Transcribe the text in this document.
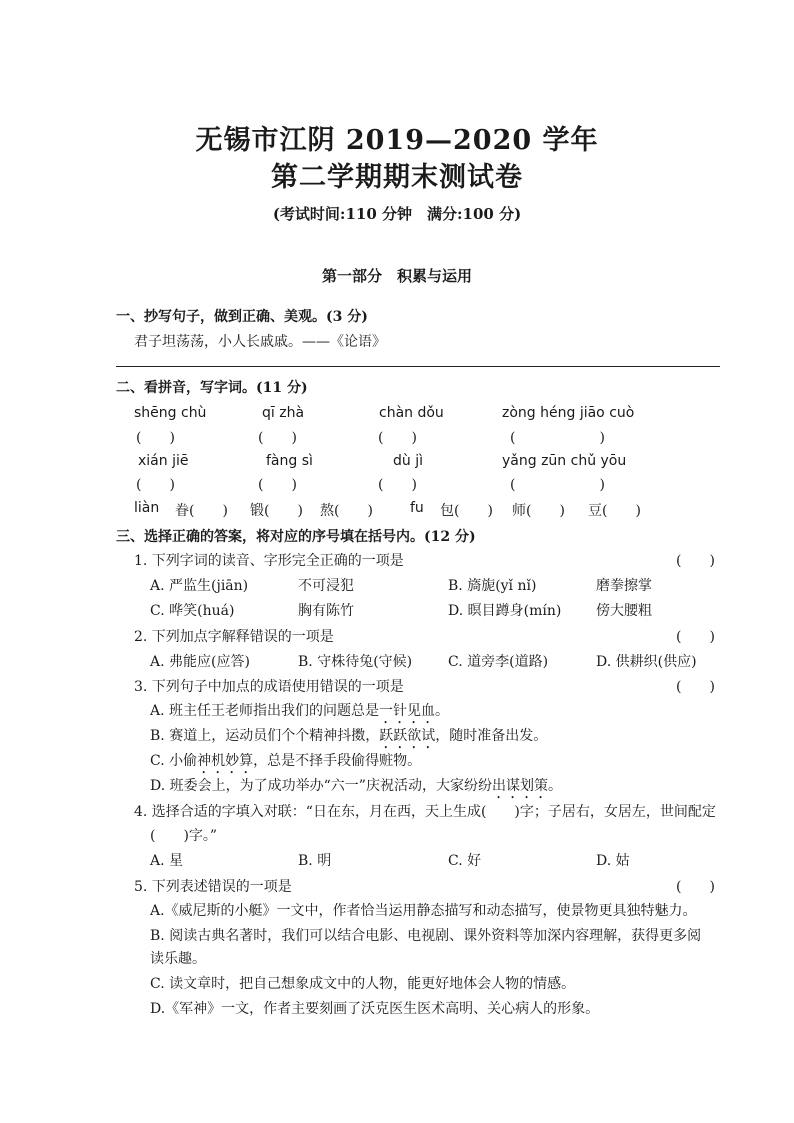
无锡市江阴 2019—2020 学年
第二学期期末测试卷
(考试时间:110 分钟　满分:100 分)
第一部分　积累与运用
一、抄写句子，做到正确、美观。(3 分)
君子坦荡荡，小人长戚戚。——《论语》
二、看拼音，写字词。(11 分)
shēng chù	qī zhà	chàn dǒu	zòng héng jiāo cuò
(　　)	(　　)	(　　)	(　　　　　　)
xián jiē	fàng sì	dù jì	yǎng zūn chǔ yōu
(　　)	(　　)	(　　)	(　　　　　　)
liàn 眷(　　) 锻(　　) 熬(　　)	fu 包(　　) 师(　　) 豆(　　)
三、选择正确的答案，将对应的序号填在括号内。(12 分)
1. 下列字词的读音、字形完全正确的一项是	(　　)
A. 严监生(jiān)	不可浸犯	B. 旖旎(yǐ nǐ)	磨拳擦掌
C. 哗笑(huá)	胸有陈竹	D. 暝目蹲身(mín) 傍大腰粗
2. 下列加点字解释错误的一项是	(　　)
A. 弗能应(应答)	B. 守株待兔(守候)	C. 道旁李(道路)	D. 供耕织(供应)
3. 下列句子中加点的成语使用错误的一项是	(　　)
A. 班主任王老师指出我们的问题总是一针见血。
B. 赛道上，运动员们个个精神抖擞，跃跃欲试，随时准备出发。
C. 小偷神机妙算，总是不择手段偷得赃物。
D. 班委会上，为了成功举办“六一”庆祝活动，大家纷纷出谋划策。
4. 选择合适的字填入对联：“日在东，月在西，天上生成(　　)字；子居右，女居左，世间配定
(　　)字。”
A. 星	B. 明	C. 好	D. 姑
5. 下列表述错误的一项是	(　　)
A.《威尼斯的小艇》一文中，作者恰当运用静态描写和动态描写，使景物更具独特魅力。
B. 阅读古典名著时，我们可以结合电影、电视剧、课外资料等加深内容理解，获得更多阅
读乐趣。
C. 读文章时，把自己想象成文中的人物，能更好地体会人物的情感。
D.《军神》一文，作者主要刻画了沃克医生医术高明、关心病人的形象。
